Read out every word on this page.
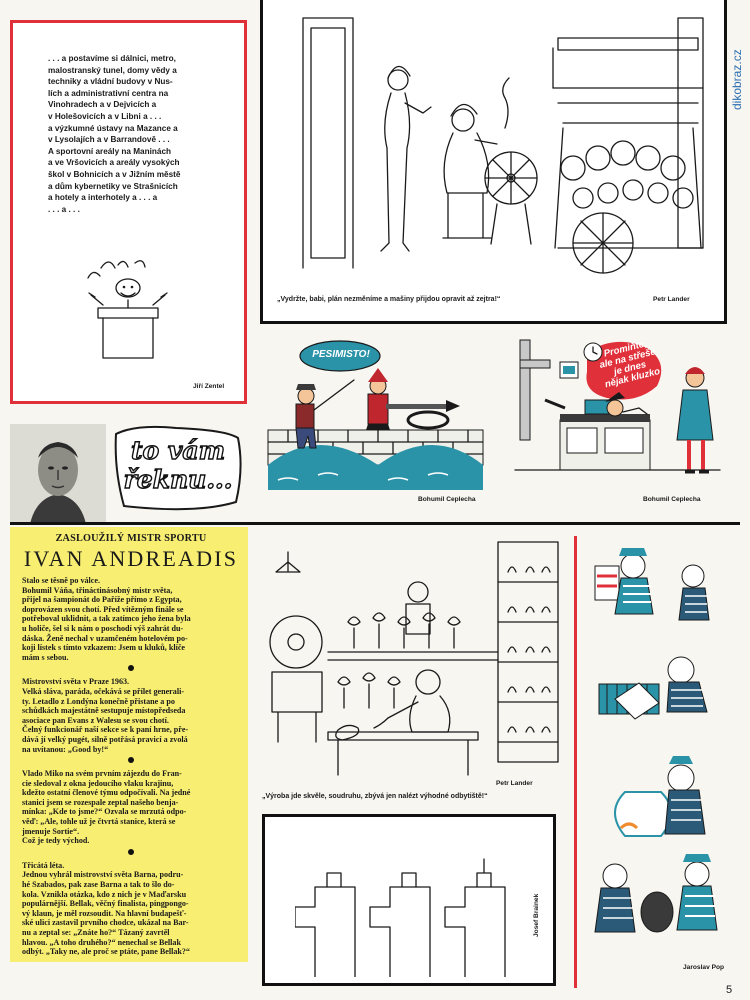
dikobraz.cz
. . . a postavíme si dálnici, metro,
malostranský tunel, domy vědy a
techniky a vládní budovy v Nus-
lích a administrativní centra na
Vinohradech a v Dejvicích a
v Holešovicích a v Libni a . . .
a výzkumné ústavy na Mazance a
v Lysolajích a v Barrandově . . .
A sportovní areály na Maninách
a ve Vršovicích a areály vysokých
škol v Bohnicích a v Jižním městě
a dům kybernetiky ve Strašnicích
a hotely a interhotely a . . . a
. . . a . . .
Jiří Zentel
„Vydržte, babi, plán nezměníme a mašiny přijdou opravit až zejtra!“	Petr Lander
PESIMISTO!
Bohumil Ceplecha
Promiňte,
ale na střeše
je dnes
nějak kluzko
Bohumil Ceplecha
to vám
řeknu...
ZASLOUŽILÝ MISTR SPORTU
IVAN ANDREADIS
Stalo se těsně po válce.
Bohumil Váňa, třináctinásobný mistr světa,
přijel na šampionát do Paříže přímo z Egypta,
doprovázen svou chotí. Před vítězným finále se
potřeboval uklidnit, a tak zatímco jeho žena byla
u holiče, šel si k nám o poschodí výš zahrát du-
dáska. Ženě nechal v uzamčeném hotelovém po-
koji lístek s tímto vzkazem: Jsem u kluků, klíče
mám s sebou.
Mistrovství světa v Praze 1963.
Velká sláva, paráda, očekává se přílet generali-
ty. Letadlo z Londýna konečně přistane a po
schůdkách majestátně sestupuje místopředseda
asociace pan Evans z Walesu se svou chotí.
Čelný funkcionář naší sekce se k paní hrne, pře-
dává jí velký pugét, silně potřásá pravicí a zvolá
na uvítanou: „Good by!“
Vlado Miko na svém prvním zájezdu do Fran-
cie sledoval z okna jedoucího vlaku krajinu,
kdežto ostatní členové týmu odpočívali. Na jedné
stanici jsem se rozespale zeptal našeho benja-
mínka: „Kde to jsme?“ Ozvala se mrzutá odpo-
věď: „Ale, tohle už je čtvrtá stanice, která se
jmenuje Sortie“.
Což je tedy východ.
Třicátá léta.
Jednou vyhrál mistrovství světa Barna, podru-
hé Szabados, pak zase Barna a tak to šlo do-
kola. Vznikla otázka, kdo z nich je v Maďarsku
populárnější. Bellak, věčný finalista, pingpongo-
vý klaun, je měl rozsoudit. Na hlavní budapešť-
ské ulici zastavil prvního chodce, ukázal na Bar-
nu a zeptal se: „Znáte ho?“ Tázaný zavrtěl
hlavou. „A toho druhého?“ nenechal se Bellak
odbýt. „Taky ne, ale proč se ptáte, pane Bellak?“
Petr Lander
„Výroba jde skvěle, soudruhu, zbývá jen nalézt výhodné odbytiště!“
Josef Brainek
Jaroslav Pop
5
